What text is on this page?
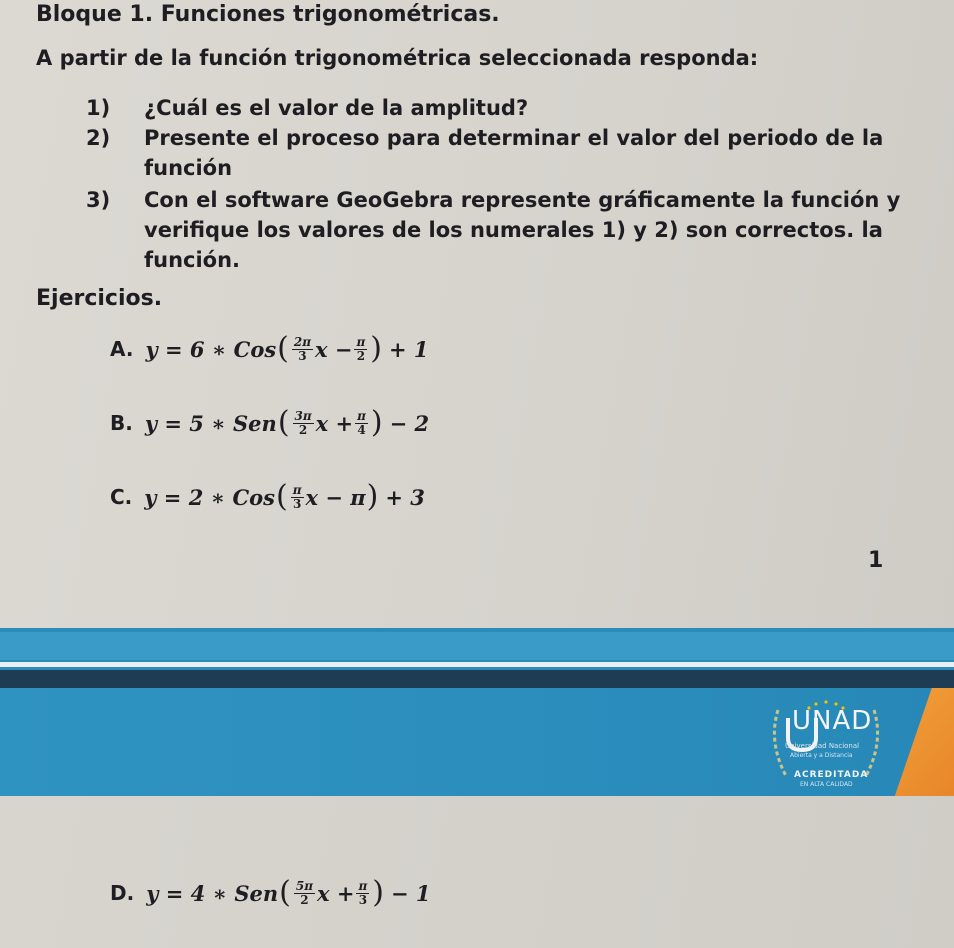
Bloque 1. Funciones trigonométricas.
A partir de la función trigonométrica seleccionada responda:
1) ¿Cuál es el valor de la amplitud?
2) Presente el proceso para determinar el valor del periodo de la
función
3) Con el software GeoGebra represente gráficamente la función y
verifique los valores de los numerales 1) y 2) son correctos. la
función.
Ejercicios.
A. y = 6 ∗ Cos ( $\frac{2\pi}{3}$ $x - \frac{\pi}{2}$ ) + 1
B. y = 5 ∗ Sen ( $\frac{3\pi}{2}$ $x + \frac{\pi}{4}$ ) − 2
C. y = 2 ∗ Cos ( $\frac{\pi}{3}$ x − π ) + 3
1
UNAD
Universidad Nacional
Abierta y a Distancia
ACREDITADA
EN ALTA CALIDAD
D. y = 4 ∗ Sen ( $\frac{5\pi}{2}$ $x + \frac{\pi}{3}$ ) − 1
